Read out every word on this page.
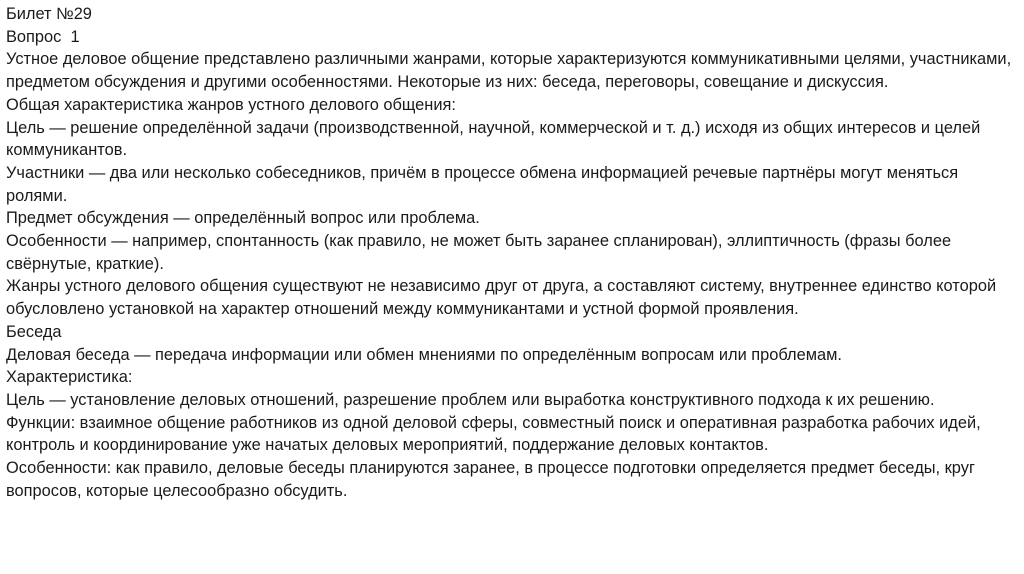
Билет №29

Вопрос  1

Устное деловое общение представлено различными жанрами, которые характеризуются коммуникативными целями, участниками, предметом обсуждения и другими особенностями. Некоторые из них: беседа, переговоры, совещание и дискуссия.

Общая характеристика жанров устного делового общения:

Цель — решение определённой задачи (производственной, научной, коммерческой и т. д.) исходя из общих интересов и целей коммуникантов.

Участники — два или несколько собеседников, причём в процессе обмена информацией речевые партнёры могут меняться ролями.

Предмет обсуждения — определённый вопрос или проблема.

Особенности — например, спонтанность (как правило, не может быть заранее спланирован), эллиптичность (фразы более свёрнутые, краткие).

Жанры устного делового общения существуют не независимо друг от друга, а составляют систему, внутреннее единство которой обусловлено установкой на характер отношений между коммуникантами и устной формой проявления.

Беседа

Деловая беседа — передача информации или обмен мнениями по определённым вопросам или проблемам.

Характеристика:

Цель — установление деловых отношений, разрешение проблем или выработка конструктивного подхода к их решению.

Функции: взаимное общение работников из одной деловой сферы, совместный поиск и оперативная разработка рабочих идей, контроль и координирование уже начатых деловых мероприятий, поддержание деловых контактов.

Особенности: как правило, деловые беседы планируются заранее, в процессе подготовки определяется предмет беседы, круг вопросов, которые целесообразно обсудить.
